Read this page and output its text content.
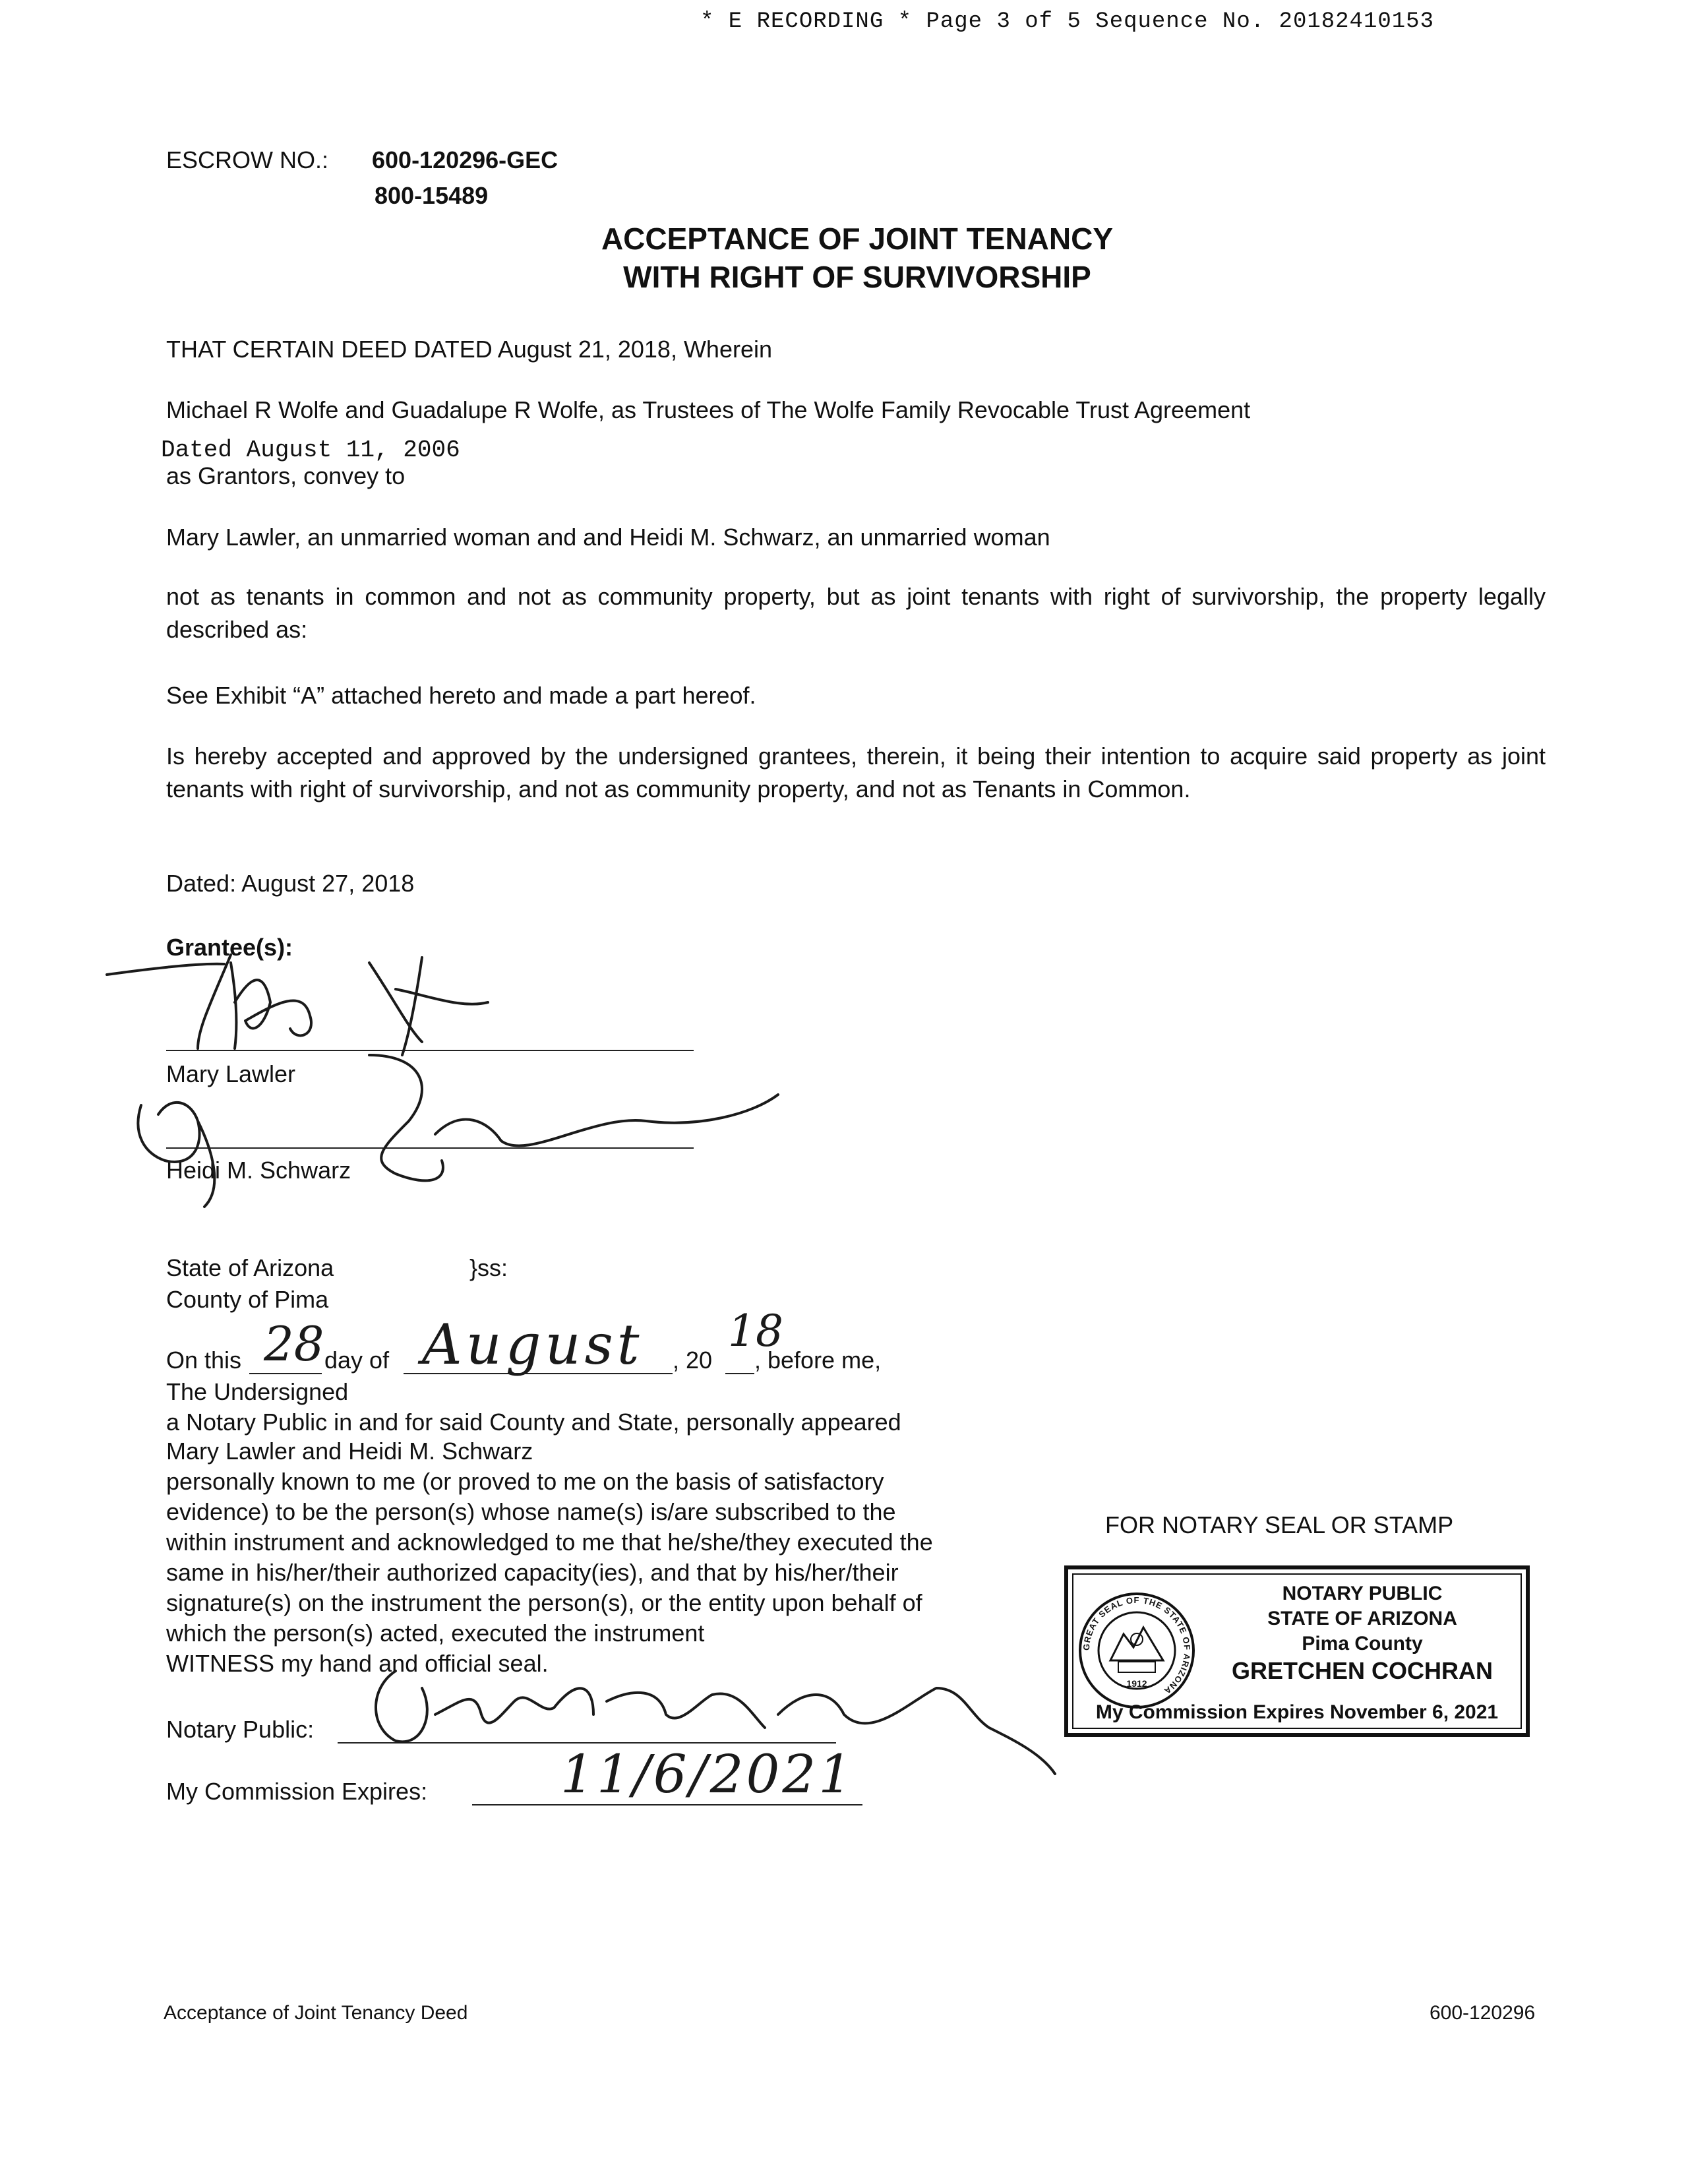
* E RECORDING * Page 3 of 5 Sequence No. 20182410153
ESCROW NO.: 600-120296-GEC
800-15489
ACCEPTANCE OF JOINT TENANCY
WITH RIGHT OF SURVIVORSHIP
THAT CERTAIN DEED DATED August 21, 2018, Wherein
Michael R Wolfe and Guadalupe R Wolfe, as Trustees of The Wolfe Family Revocable Trust Agreement
Dated August 11, 2006
as Grantors, convey to
Mary Lawler, an unmarried woman and and Heidi M. Schwarz, an unmarried woman
not as tenants in common and not as community property, but as joint tenants with right of survivorship, the property legally described as:
See Exhibit “A” attached hereto and made a part hereof.
Is hereby accepted and approved by the undersigned grantees, therein, it being their intention to acquire said property as joint tenants with right of survivorship, and not as community property, and not as Tenants in Common.
Dated: August 27, 2018
Grantee(s):
Mary Lawler
Heidi M. Schwarz
State of Arizona	}ss:
County of Pima
On this 28 day of August , 20
18
, before me,
The Undersigned
a Notary Public in and for said County and State, personally appeared
Mary Lawler and Heidi M. Schwarz
personally known to me (or proved to me on the basis of satisfactory
evidence) to be the person(s) whose name(s) is/are subscribed to the
within instrument and acknowledged to me that he/she/they executed the
same in his/her/their authorized capacity(ies), and that by his/her/their
signature(s) on the instrument the person(s), or the entity upon behalf of
which the person(s) acted, executed the instrument
WITNESS my hand and official seal.
Notary Public:
My Commission Expires:	11/6/2021
FOR NOTARY SEAL OR STAMP
GREAT SEAL OF THE STATE OF ARIZONA
1912
NOTARY PUBLIC
STATE OF ARIZONA
Pima County
GRETCHEN COCHRAN
My Commission Expires November 6, 2021
Acceptance of Joint Tenancy Deed	600-120296
